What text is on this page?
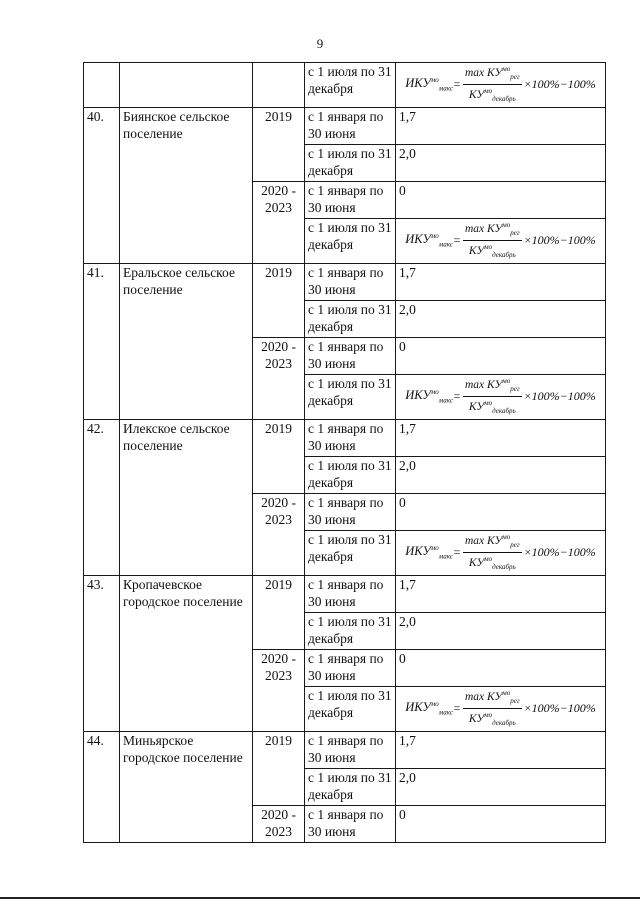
9
			с 1 июля по 31 декабря	$ИКУ^{мо}_{макс} = \frac{\max КУ^{мо}_{рег}}{КУ^{мо}_{декабрь}} \times 100\%-100\%$

40.	Биянское сельское поселение	2019	с 1 января по 30 июня	1,7
			с 1 июля по 31 декабря	2,0
		2020 - 2023	с 1 января по 30 июня	0
			с 1 июля по 31 декабря	$ИКУ^{мо}_{макс} = \frac{\max КУ^{мо}_{рег}}{КУ^{мо}_{декабрь}} \times 100\%-100\%$

41.	Еральское сельское поселение	2019	с 1 января по 30 июня	1,7
			с 1 июля по 31 декабря	2,0
		2020 - 2023	с 1 января по 30 июня	0
			с 1 июля по 31 декабря	$ИКУ^{мо}_{макс} = \frac{\max КУ^{мо}_{рег}}{КУ^{мо}_{декабрь}} \times 100\%-100\%$

42.	Илекское сельское поселение	2019	с 1 января по 30 июня	1,7
			с 1 июля по 31 декабря	2,0
		2020 - 2023	с 1 января по 30 июня	0
			с 1 июля по 31 декабря	$ИКУ^{мо}_{макс} = \frac{\max КУ^{мо}_{рег}}{КУ^{мо}_{декабрь}} \times 100\%-100\%$

43.	Кропачевское городское поселение	2019	с 1 января по 30 июня	1,7
			с 1 июля по 31 декабря	2,0
		2020 - 2023	с 1 января по 30 июня	0
			с 1 июля по 31 декабря	$ИКУ^{мо}_{макс} = \frac{\max КУ^{мо}_{рег}}{КУ^{мо}_{декабрь}} \times 100\%-100\%$

44.	Миньярское городское поселение	2019	с 1 января по 30 июня	1,7
			с 1 июля по 31 декабря	2,0
		2020 - 2023	с 1 января по 30 июня	0
